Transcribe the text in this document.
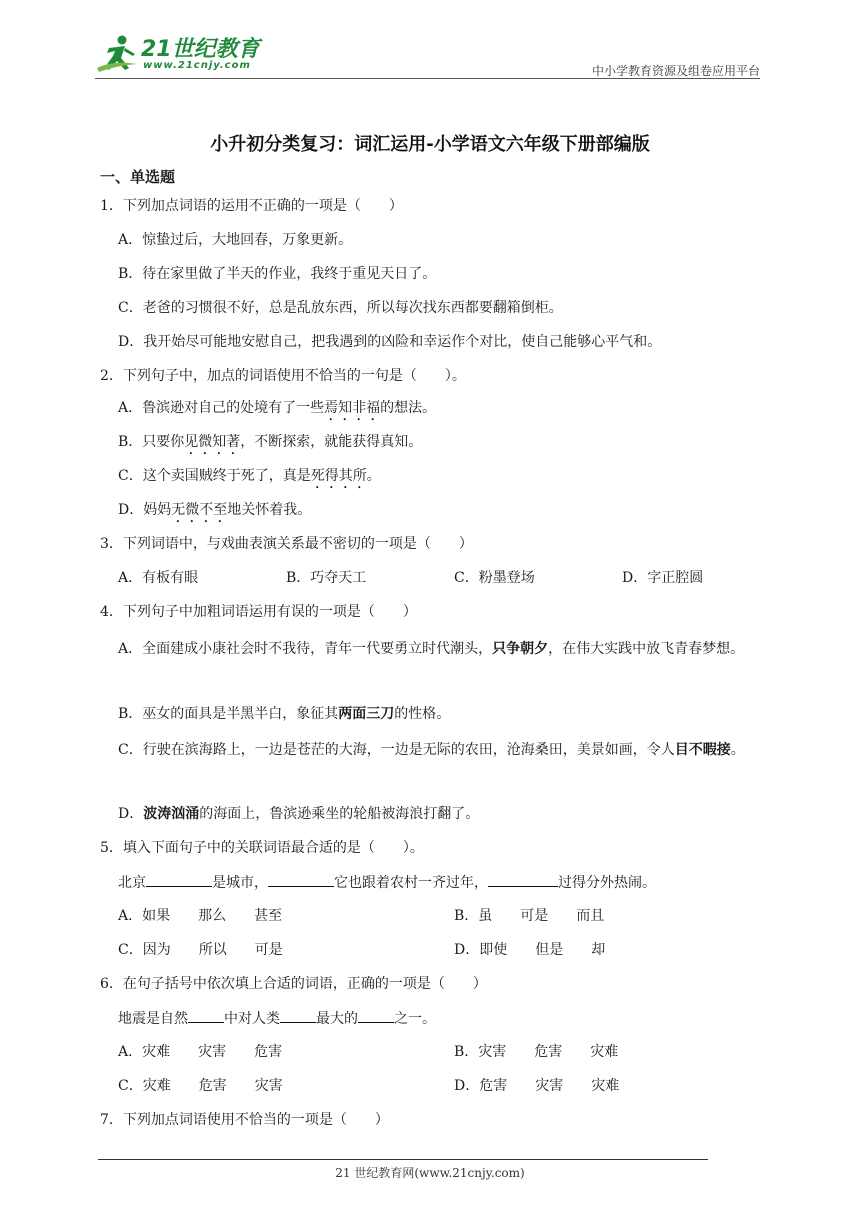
21世纪教育
www.21cnjy.com	中小学教育资源及组卷应用平台
小升初分类复习：词汇运用-小学语文六年级下册部编版
一、单选题
1．下列加点词语的运用不正确的一项是（　　）
A．惊蛰过后，大地回春，万象更新。
B．待在家里做了半天的作业，我终于重见天日了。
C．老爸的习惯很不好，总是乱放东西，所以每次找东西都要翻箱倒柜。
D．我开始尽可能地安慰自己，把我遇到的凶险和幸运作个对比，使自己能够心平气和。
2．下列句子中，加点的词语使用不恰当的一句是（　　）。
A．鲁滨逊对自己的处境有了一些焉知非福的想法。
B．只要你见微知著，不断探索，就能获得真知。
C．这个卖国贼终于死了，真是死得其所。
D．妈妈无微不至地关怀着我。
3．下列词语中，与戏曲表演关系最不密切的一项是（　　）
A．有板有眼	B．巧夺天工	C．粉墨登场	D．字正腔圆
4．下列句子中加粗词语运用有误的一项是（　　）
A．全面建成小康社会时不我待，青年一代要勇立时代潮头，只争朝夕，在伟大实践中放飞青春梦想。
B．巫女的面具是半黑半白，象征其两面三刀的性格。
C．行驶在滨海路上，一边是苍茫的大海，一边是无际的农田，沧海桑田，美景如画，令人目不暇接。
D．波涛汹涌的海面上，鲁滨逊乘坐的轮船被海浪打翻了。
5．填入下面句子中的关联词语最合适的是（　　）。
北京	是城市，	它也跟着农村一齐过年，	过得分外热闹。
A．如果　　那么　　甚至	B．虽　　可是　　而且
C．因为　　所以　　可是	D．即使　　但是　　却
6．在句子括号中依次填上合适的词语，正确的一项是（　　）
地震是自然	中对人类	最大的	之一。
A．灾难　　灾害　　危害	B．灾害　　危害　　灾难
C．灾难　　危害　　灾害	D．危害　　灾害　　灾难
7．下列加点词语使用不恰当的一项是（　　）
21 世纪教育网(www.21cnjy.com)
